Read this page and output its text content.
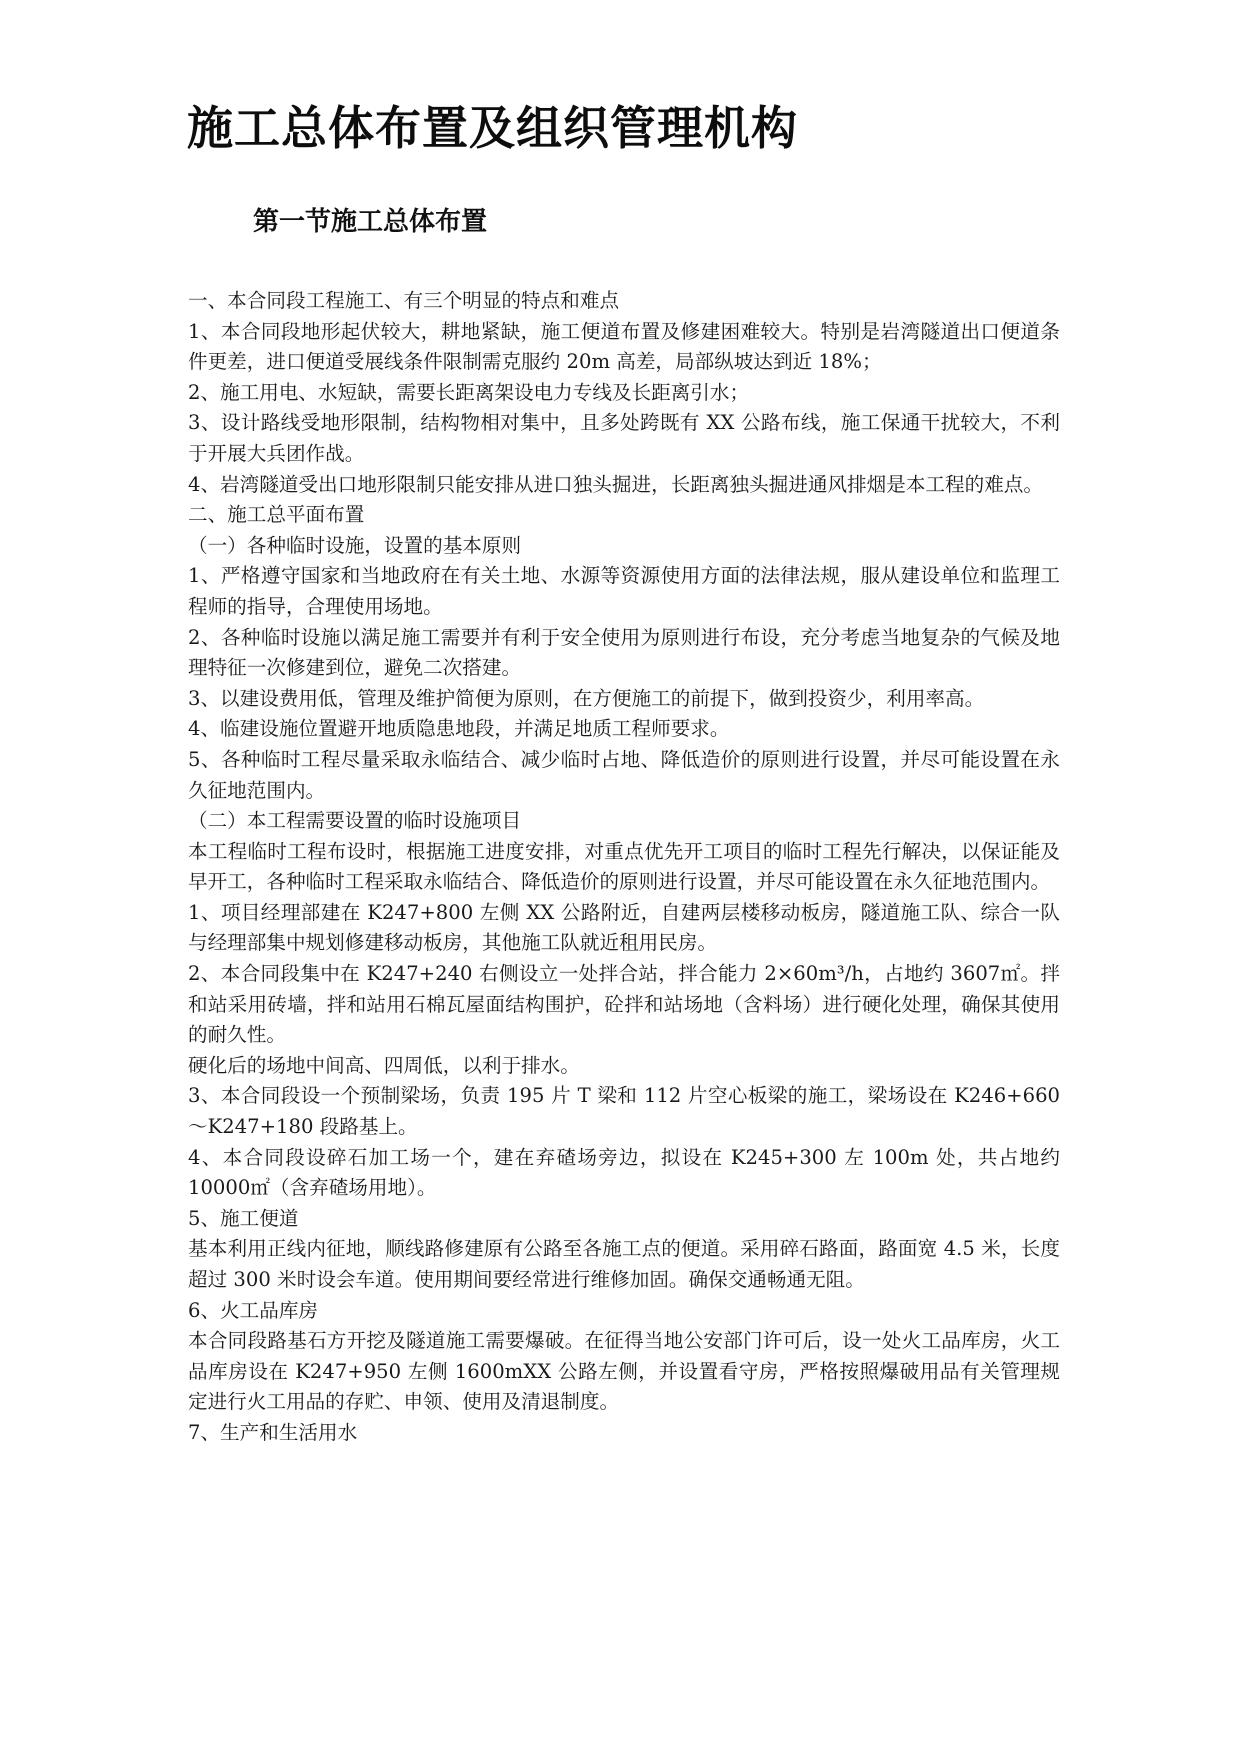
施工总体布置及组织管理机构
第一节施工总体布置

一、本合同段工程施工、有三个明显的特点和难点

1、本合同段地形起伏较大，耕地紧缺，施工便道布置及修建困难较大。特别是岩湾隧道出口便道条件更差，进口便道受展线条件限制需克服约 20m 高差，局部纵坡达到近 18%；

2、施工用电、水短缺，需要长距离架设电力专线及长距离引水；

3、设计路线受地形限制，结构物相对集中，且多处跨既有 XX 公路布线，施工保通干扰较大，不利于开展大兵团作战。

4、岩湾隧道受出口地形限制只能安排从进口独头掘进，长距离独头掘进通风排烟是本工程的难点。

二、施工总平面布置

（一）各种临时设施，设置的基本原则

1、严格遵守国家和当地政府在有关土地、水源等资源使用方面的法律法规，服从建设单位和监理工程师的指导，合理使用场地。

2、各种临时设施以满足施工需要并有利于安全使用为原则进行布设，充分考虑当地复杂的气候及地理特征一次修建到位，避免二次搭建。

3、以建设费用低，管理及维护简便为原则，在方便施工的前提下，做到投资少，利用率高。

4、临建设施位置避开地质隐患地段，并满足地质工程师要求。

5、各种临时工程尽量采取永临结合、减少临时占地、降低造价的原则进行设置，并尽可能设置在永久征地范围内。

（二）本工程需要设置的临时设施项目

本工程临时工程布设时，根据施工进度安排，对重点优先开工项目的临时工程先行解决，以保证能及早开工，各种临时工程采取永临结合、降低造价的原则进行设置，并尽可能设置在永久征地范围内。

1、项目经理部建在 K247+800 左侧 XX 公路附近，自建两层楼移动板房，隧道施工队、综合一队与经理部集中规划修建移动板房，其他施工队就近租用民房。

2、本合同段集中在 K247+240 右侧设立一处拌合站，拌合能力 2×60m³/h，占地约 3607㎡。拌和站采用砖墙，拌和站用石棉瓦屋面结构围护，砼拌和站场地（含料场）进行硬化处理，确保其使用的耐久性。

硬化后的场地中间高、四周低，以利于排水。

3、本合同段设一个预制梁场，负责 195 片 T 梁和 112 片空心板梁的施工，梁场设在 K246+660～K247+180 段路基上。

4、本合同段设碎石加工场一个，建在弃碴场旁边，拟设在 K245+300 左 100m 处，共占地约 10000㎡（含弃碴场用地）。

5、施工便道

基本利用正线内征地，顺线路修建原有公路至各施工点的便道。采用碎石路面，路面宽 4.5 米，长度超过 300 米时设会车道。使用期间要经常进行维修加固。确保交通畅通无阻。

6、火工品库房

本合同段路基石方开挖及隧道施工需要爆破。在征得当地公安部门许可后，设一处火工品库房，火工品库房设在 K247+950 左侧 1600mXX 公路左侧，并设置看守房，严格按照爆破用品有关管理规定进行火工用品的存贮、申领、使用及清退制度。

7、生产和生活用水
